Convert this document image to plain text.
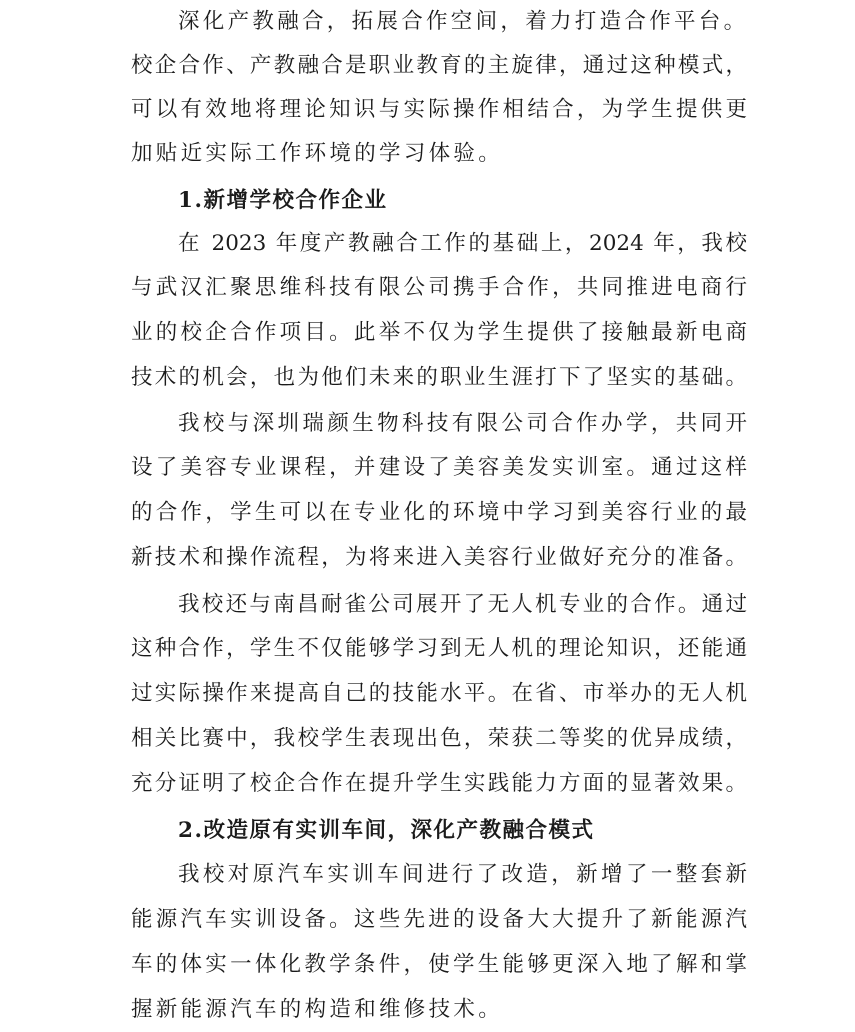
深化产教融合，拓展合作空间，着力打造合作平台。
校企合作、产教融合是职业教育的主旋律，通过这种模式，
可以有效地将理论知识与实际操作相结合，为学生提供更
加贴近实际工作环境的学习体验。
1.新增学校合作企业
在 2023 年度产教融合工作的基础上，2024 年，我校
与武汉汇聚思维科技有限公司携手合作，共同推进电商行
业的校企合作项目。此举不仅为学生提供了接触最新电商
技术的机会，也为他们未来的职业生涯打下了坚实的基础。
我校与深圳瑞颜生物科技有限公司合作办学，共同开
设了美容专业课程，并建设了美容美发实训室。通过这样
的合作，学生可以在专业化的环境中学习到美容行业的最
新技术和操作流程，为将来进入美容行业做好充分的准备。
我校还与南昌耐雀公司展开了无人机专业的合作。通过
这种合作，学生不仅能够学习到无人机的理论知识，还能通
过实际操作来提高自己的技能水平。在省、市举办的无人机
相关比赛中，我校学生表现出色，荣获二等奖的优异成绩，
充分证明了校企合作在提升学生实践能力方面的显著效果。
2.改造原有实训车间，深化产教融合模式
我校对原汽车实训车间进行了改造，新增了一整套新
能源汽车实训设备。这些先进的设备大大提升了新能源汽
车的体实一体化教学条件，使学生能够更深入地了解和掌
握新能源汽车的构造和维修技术。
